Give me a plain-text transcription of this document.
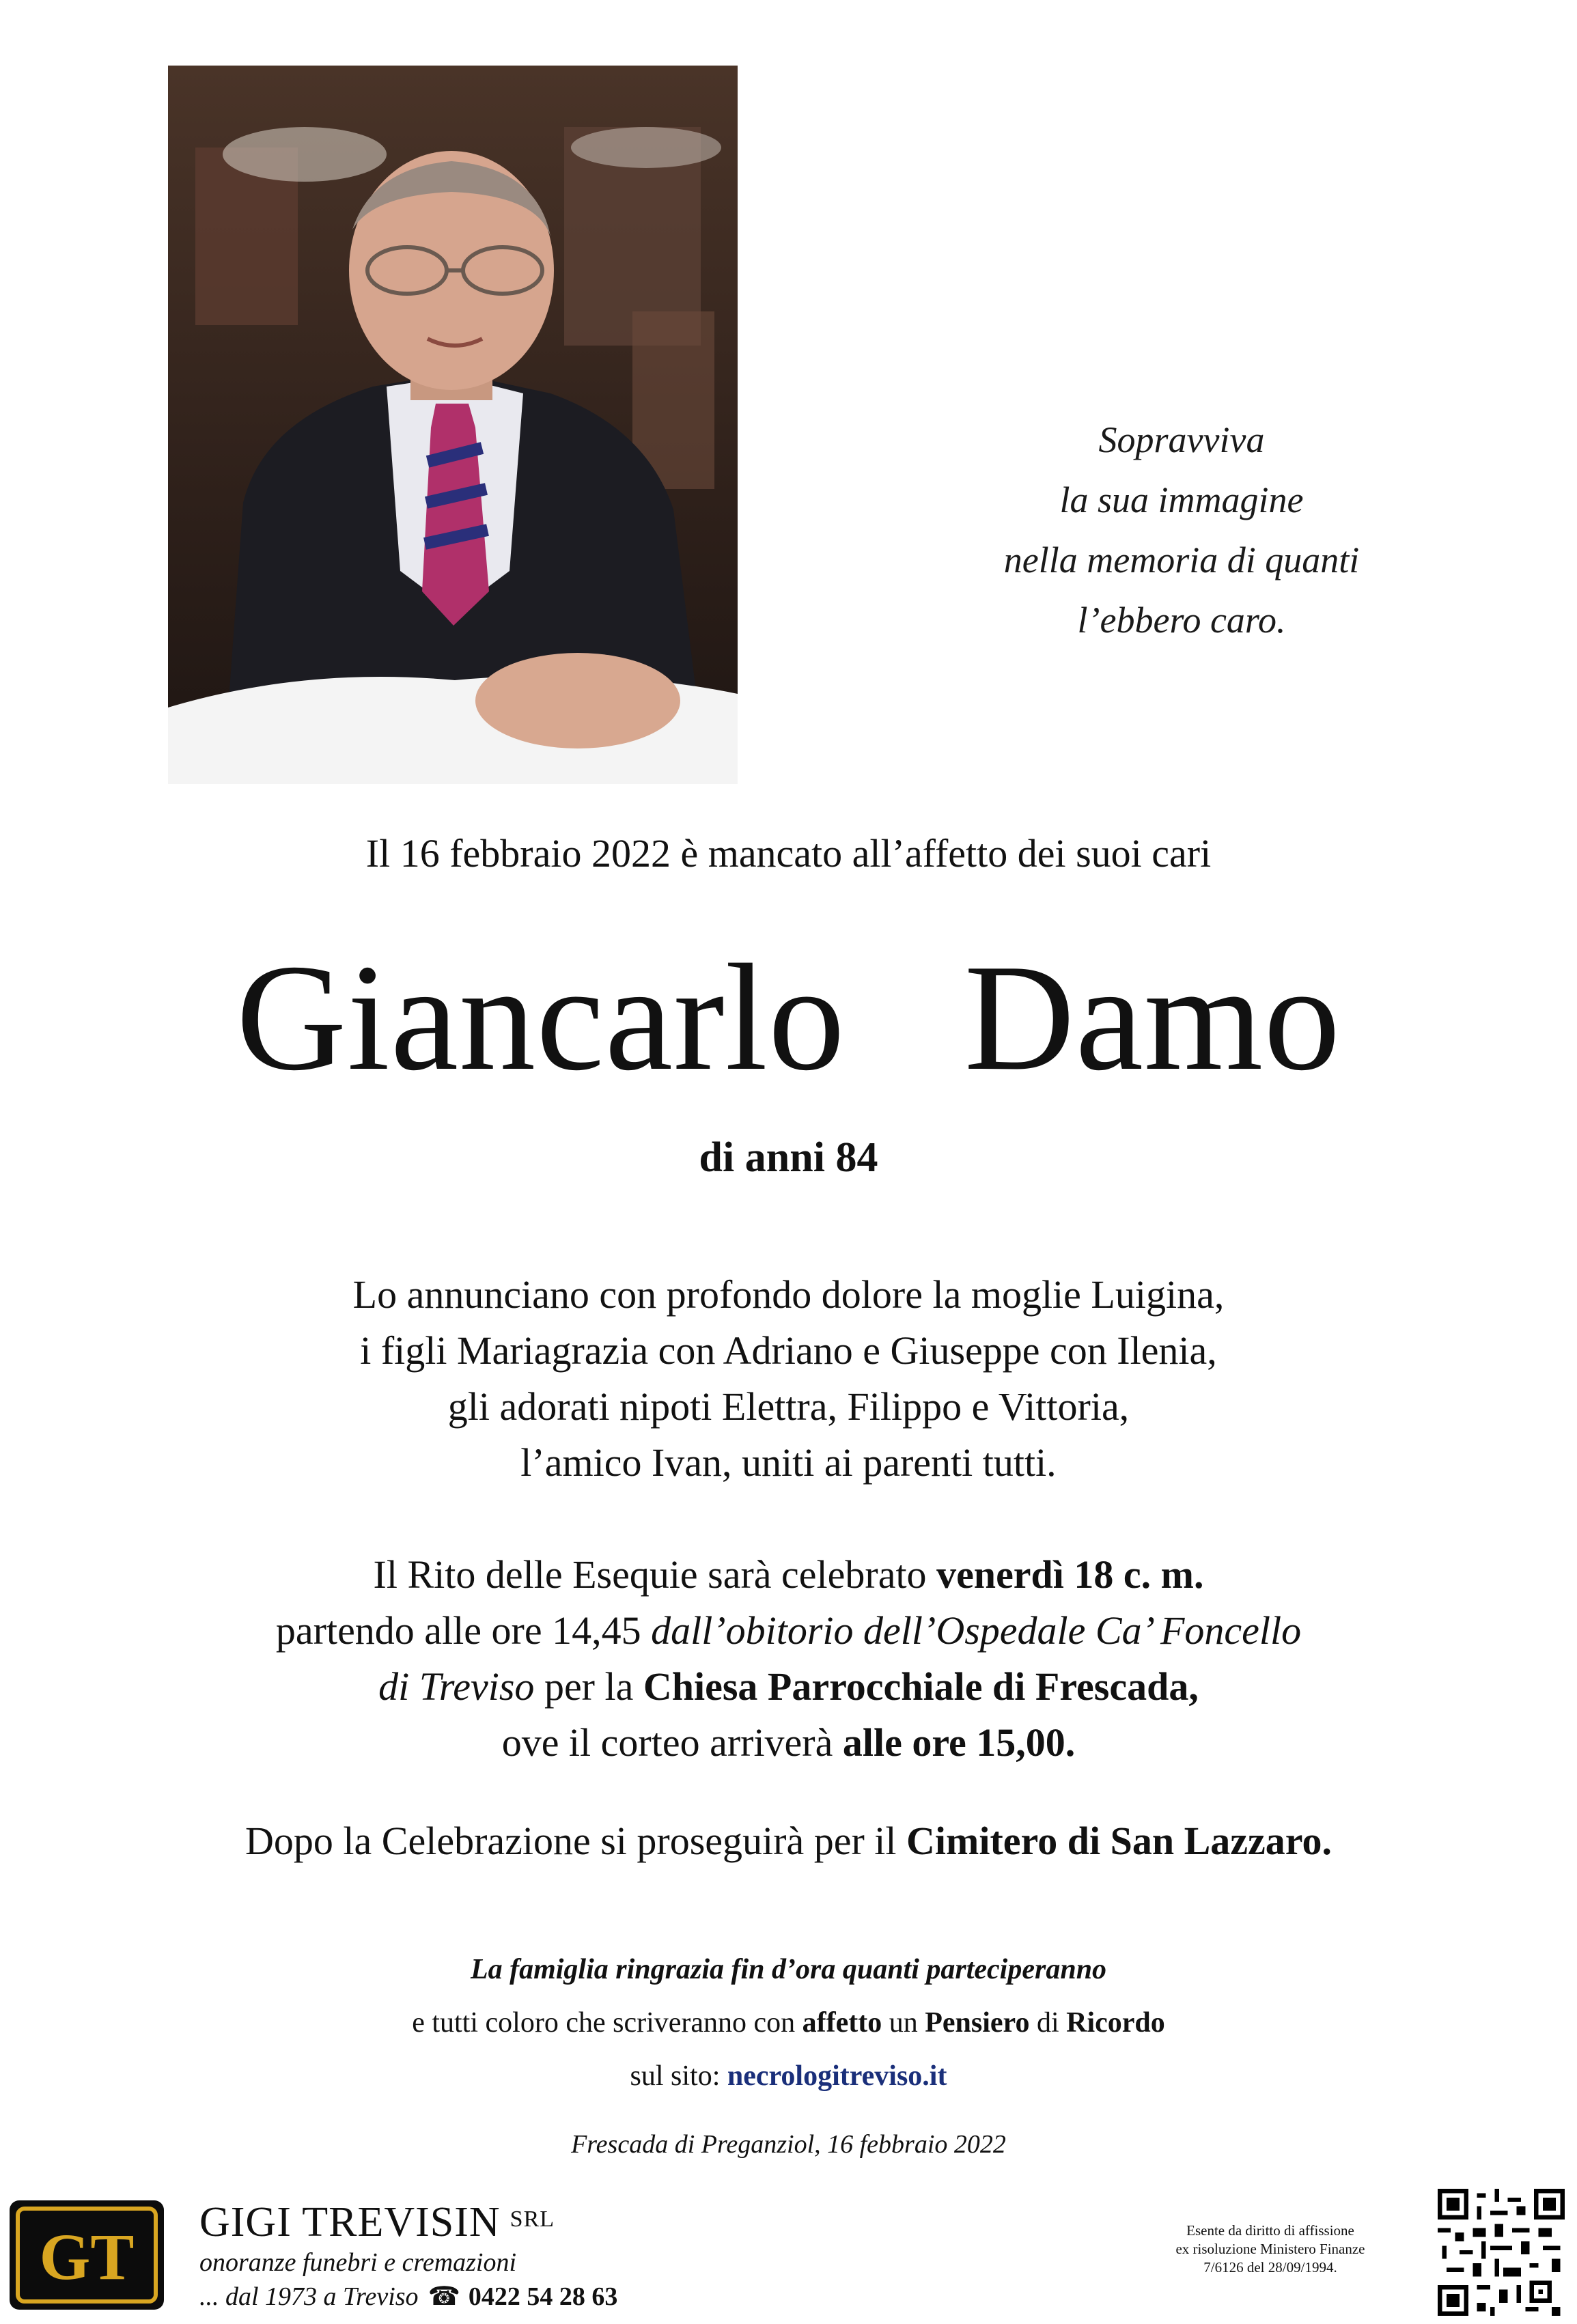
Sopravviva
la sua immagine
nella memoria di quanti
l’ebbero caro.
Il 16 febbraio 2022 è mancato all’affetto dei suoi cari
Giancarlo  Damo
di anni 84
Lo annunciano con profondo dolore la moglie Luigina,
i figli Mariagrazia con Adriano e Giuseppe con Ilenia,
gli adorati nipoti Elettra, Filippo e Vittoria,
l’amico Ivan, uniti ai parenti tutti.
Il Rito delle Esequie sarà celebrato venerdì 18 c. m.
partendo alle ore 14,45 dall’obitorio dell’Ospedale Ca’ Foncello
di Treviso per la Chiesa Parrocchiale di Frescada,
ove il corteo arriverà alle ore 15,00.
Dopo la Celebrazione si proseguirà per il Cimitero di San Lazzaro.
La famiglia ringrazia fin d’ora quanti parteciperanno
e tutti coloro che scriveranno con affetto un Pensiero di Ricordo
sul sito: necrologitreviso.it
Frescada di Preganziol, 16 febbraio 2022
GT GIGI TREVISIN $^{SRL}$
onoranze funebri e cremazioni
... dal 1973 a Treviso ☎ 0422 54 28 63
Esente da diritto di affissione
ex risoluzione Ministero Finanze
7/6126 del 28/09/1994.
